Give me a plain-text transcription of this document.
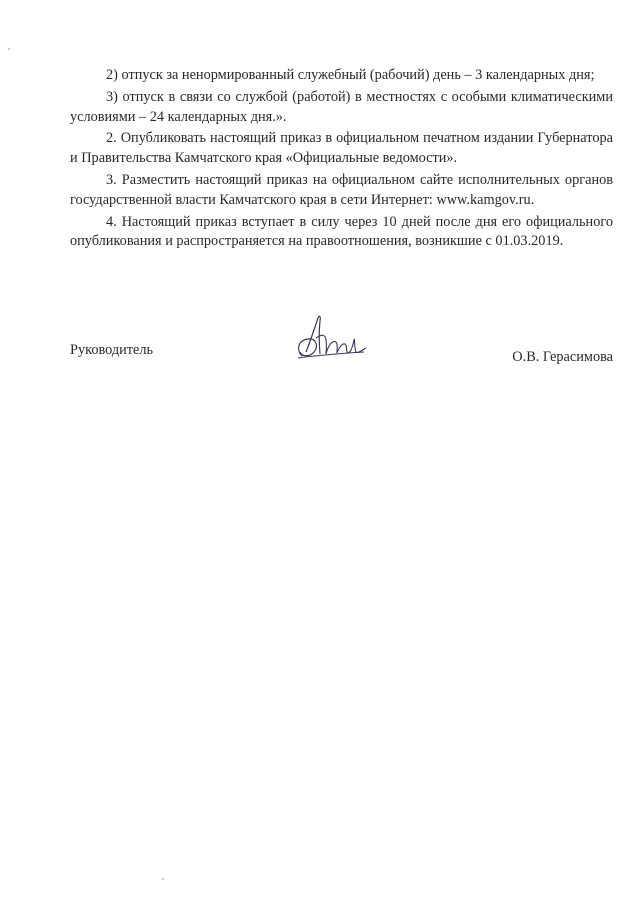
2) отпуск за ненормированный служебный (рабочий) день – 3 календарных дня;

3) отпуск в связи со службой (работой) в местностях с особыми климатическими условиями – 24 календарных дня.».

2. Опубликовать настоящий приказ в официальном печатном издании Губернатора и Правительства Камчатского края «Официальные ведомости».

3. Разместить настоящий приказ на официальном сайте исполнительных органов государственной власти Камчатского края в сети Интернет: www.kamgov.ru.

4. Настоящий приказ вступает в силу через 10 дней после дня его официального опубликования и распространяется на правоотношения, возникшие с 01.03.2019.

Руководитель	О.В. Герасимова
